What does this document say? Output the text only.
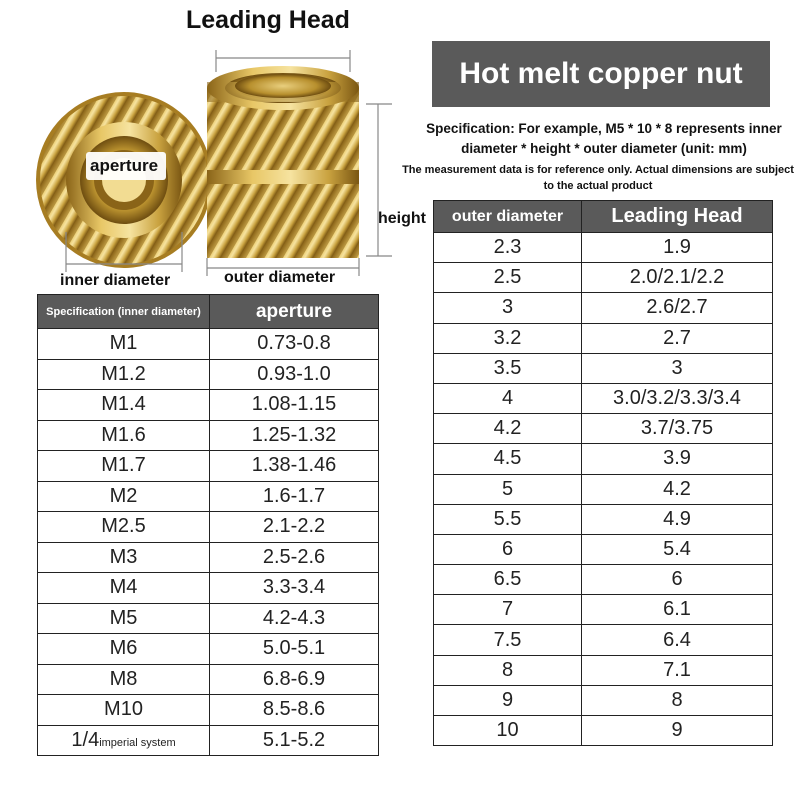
Leading Head
aperture
height
inner diameter	outer diameter
Hot melt copper nut
Specification: For example, M5 * 10 * 8 represents inner diameter * height * outer diameter (unit: mm)
The measurement data is for reference only. Actual dimensions are subject to the actual product
Specification (inner diameter)	aperture
M1	0.73-0.8
M1.2	0.93-1.0
M1.4	1.08-1.15
M1.6	1.25-1.32
M1.7	1.38-1.46
M2	1.6-1.7
M2.5	2.1-2.2
M3	2.5-2.6
M4	3.3-3.4
M5	4.2-4.3
M6	5.0-5.1
M8	6.8-6.9
M10	8.5-8.6
1/4imperial system	5.1-5.2
outer diameter	Leading Head
2.3	1.9
2.5	2.0/2.1/2.2
3	2.6/2.7
3.2	2.7
3.5	3
4	3.0/3.2/3.3/3.4
4.2	3.7/3.75
4.5	3.9
5	4.2
5.5	4.9
6	5.4
6.5	6
7	6.1
7.5	6.4
8	7.1
9	8
10	9
